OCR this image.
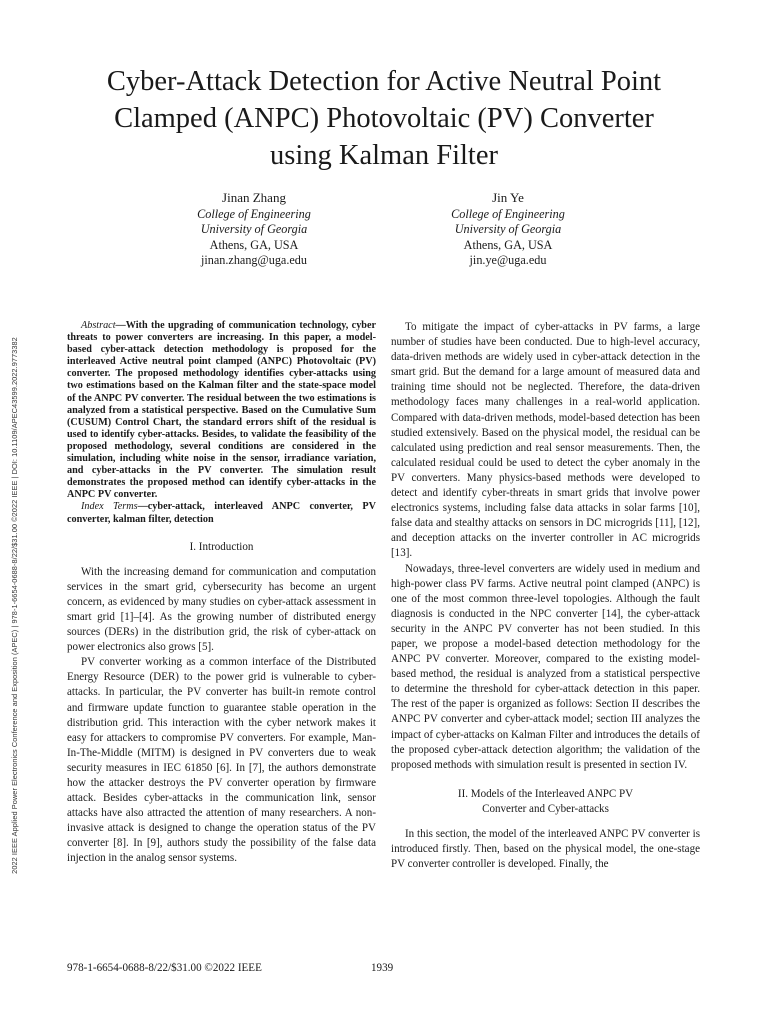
2022 IEEE Applied Power Electronics Conference and Exposition (APEC) | 978-1-6654-0688-8/22/$31.00 ©2022 IEEE | DOI: 10.1109/APEC43599.2022.9773382
Cyber-Attack Detection for Active Neutral Point
Clamped (ANPC) Photovoltaic (PV) Converter
using Kalman Filter
Jinan Zhang
College of Engineering
University of Georgia
Athens, GA, USA
jinan.zhang@uga.edu
Jin Ye
College of Engineering
University of Georgia
Athens, GA, USA
jin.ye@uga.edu

Abstract—With the upgrading of communication technology, cyber threats to power converters are increasing. In this paper, a model-based cyber-attack detection methodology is proposed for the interleaved Active neutral point clamped (ANPC) Photovoltaic (PV) converter. The proposed methodology identifies cyber-attacks using two estimations based on the Kalman filter and the state-space model of the ANPC PV converter. The residual between the two estimations is analyzed from a statistical perspective. Based on the Cumulative Sum (CUSUM) Control Chart, the standard errors shift of the residual is used to identify cyber-attacks. Besides, to validate the feasibility of the proposed methodology, several conditions are considered in the simulation, including white noise in the sensor, irradiance variation, and cyber-attacks in the PV converter. The simulation result demonstrates the proposed method can identify cyber-attacks in the ANPC PV converter.

Index Terms—cyber-attack, interleaved ANPC converter, PV converter, kalman filter, detection

I. Introduction

With the increasing demand for communication and computation services in the smart grid, cybersecurity has become an urgent concern, as evidenced by many studies on cyber-attack assessment in smart grid [1]–[4]. As the growing number of distributed energy sources (DERs) in the distribution grid, the risk of cyber-attack on power electronics also grows [5].

PV converter working as a common interface of the Distributed Energy Resource (DER) to the power grid is vulnerable to cyber-attacks. In particular, the PV converter has built-in remote control and firmware update function to guarantee stable operation in the distribution grid. This interaction with the cyber network makes it easy for attackers to compromise PV converters. For example, Man-In-The-Middle (MITM) is designed in PV converters due to weak security measures in IEC 61850 [6]. In [7], the authors demonstrate how the attacker destroys the PV converter operation by firmware attack. Besides cyber-attacks in the communication link, sensor attacks have also attracted the attention of many researchers. A non-invasive attack is designed to change the operation status of the PV converter [8]. In [9], authors study the possibility of the false data injection in the analog sensor systems.

To mitigate the impact of cyber-attacks in PV farms, a large number of studies have been conducted. Due to high-level accuracy, data-driven methods are widely used in cyber-attack detection in the smart grid. But the demand for a large amount of measured data and training time should not be neglected. Therefore, the data-driven methodology faces many challenges in a real-world application. Compared with data-driven methods, model-based detection has been studied extensively. Based on the physical model, the residual can be calculated using prediction and real sensor measurements. Then, the calculated residual could be used to detect the cyber anomaly in the PV converters. Many physics-based methods were developed to detect and identify cyber-threats in smart grids that involve power electronics systems, including false data attacks in solar farms [10], false data and stealthy attacks on sensors in DC microgrids [11], [12], and deception attacks on the inverter controller in AC microgrids [13].

Nowadays, three-level converters are widely used in medium and high-power class PV farms. Active neutral point clamped (ANPC) is one of the most common three-level topologies. Although the fault diagnosis is conducted in the NPC converter [14], the cyber-attack security in the ANPC PV converter has not been studied. In this paper, we propose a model-based detection methodology for the ANPC PV converter. Moreover, compared to the existing model-based method, the residual is analyzed from a statistical perspective to determine the threshold for cyber-attack detection in this paper. The rest of the paper is organized as follows: Section II describes the ANPC PV converter and cyber-attack model; section III analyzes the impact of cyber-attacks on Kalman Filter and introduces the details of the proposed cyber-attack detection algorithm; the validation of the proposed methods with simulation result is presented in section IV.

II. Models of the Interleaved ANPC PV
Converter and Cyber-attacks

In this section, the model of the interleaved ANPC PV converter is introduced firstly. Then, based on the physical model, the one-stage PV converter controller is developed. Finally, the

978-1-6654-0688-8/22/$31.00 ©2022 IEEE	1939
